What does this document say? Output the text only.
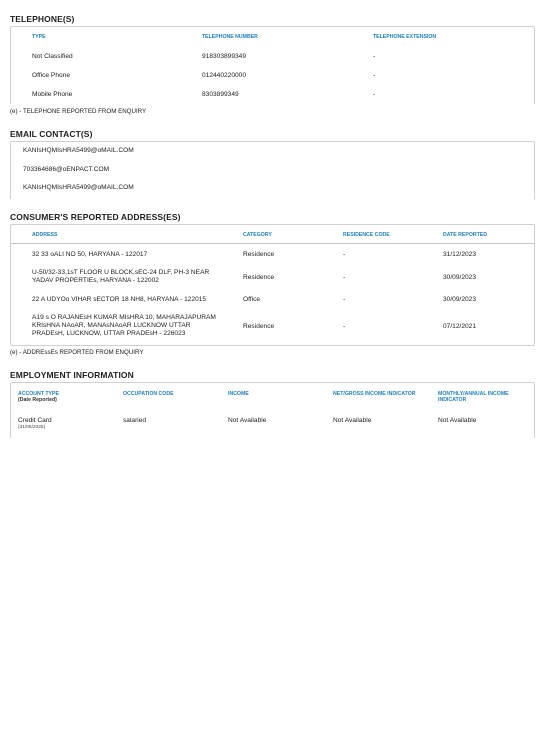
TELEPHONE(S)
TYPE	TELEPHONE NUMBER	TELEPHONE EXTENSION
Not Classified	918303899349	-
Office Phone	012440220000	-
Mobile Phone	8303899349	-
(e) - TELEPHONE REPORTED FROM ENQUIRY
EMAIL CONTACT(S)
KANIsHQMIsHRA5499@oMAIL.COM
703364686@oENPACT.COM
KANIsHQMIsHRA5499@oMAIL.COM
CONSUMER'S REPORTED ADDRESS(ES)
ADDRESS	CATEGORY	RESIDENCE CODE	DATE REPORTED
32 33 oALI NO 50, HARYANA - 122017	Residence	-	31/12/2023
U-50/32-33,1sT FLOOR U BLOCK,sEC-24 DLF, PH-3 NEAR
YADAV PROPERTIEs, HARYANA - 122002	Residence	-	30/09/2023
22 A UDYOo VIHAR sECTOR 18 NH8, HARYANA - 122015	Office	-	30/09/2023
A19 s O RAJANEsH KUMAR MIsHRA 10, MAHARAJAPURAM
KRIsHNA NAoAR, MANAsNAoAR LUCKNOW UTTAR
PRADEsH, LUCKNOW, UTTAR PRADEsH - 226023
Residence	-	07/12/2021
(e) - ADDREssEs REPORTED FROM ENQUIRY
EMPLOYMENT INFORMATION
ACCOUNT TYPE
(Date Reported)
OCCUPATION CODE	INCOME	NET/GROSS INCOME INDICATOR	MONTHLY/ANNUAL INCOME INDICATOR
Credit Card
(31/05/2025)
salaried	Not Available	Not Available	Not Available
